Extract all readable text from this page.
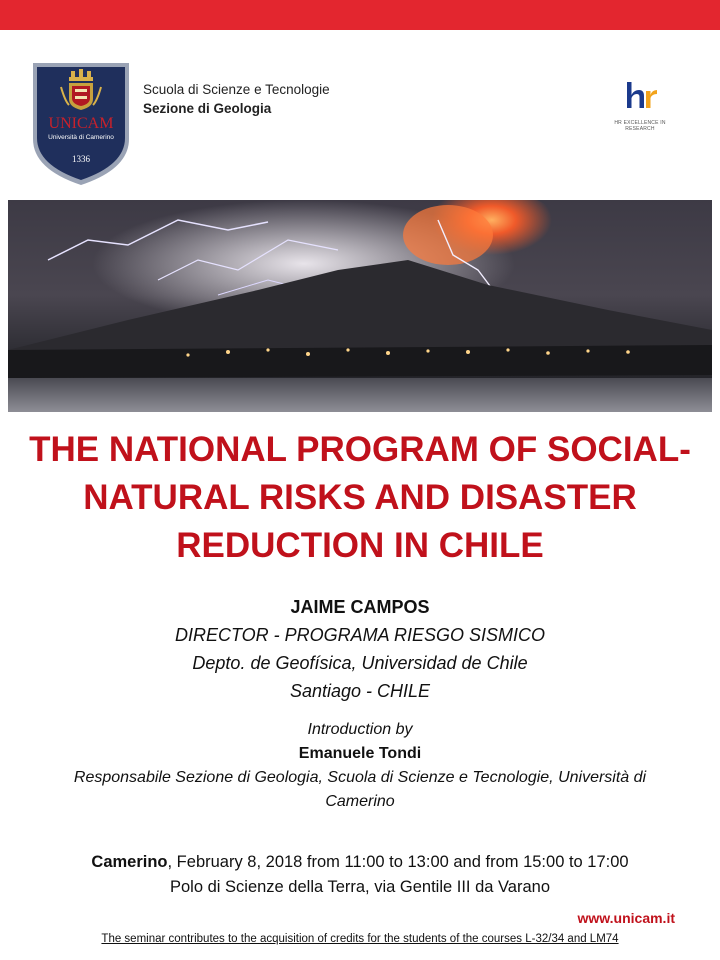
UNICAM
Università di Camerino
1336
Scuola di Scienze e Tecnologie
Sezione di Geologia
HR EXCELLENCE IN RESEARCH
THE NATIONAL PROGRAM OF SOCIAL-
NATURAL RISKS AND DISASTER
REDUCTION IN CHILE
JAIME CAMPOS
DIRECTOR - PROGRAMA RIESGO SISMICO
Depto. de Geofísica, Universidad de Chile
Santiago - CHILE
Introduction by
Emanuele Tondi
Responsabile Sezione di Geologia, Scuola di Scienze e Tecnologie, Università di
Camerino
Camerino, February 8, 2018 from 11:00 to 13:00 and from 15:00 to 17:00
Polo di Scienze della Terra, via Gentile III da Varano
www.unicam.it
The seminar contributes to the acquisition of credits for the students of the courses L-32/34 and LM74
